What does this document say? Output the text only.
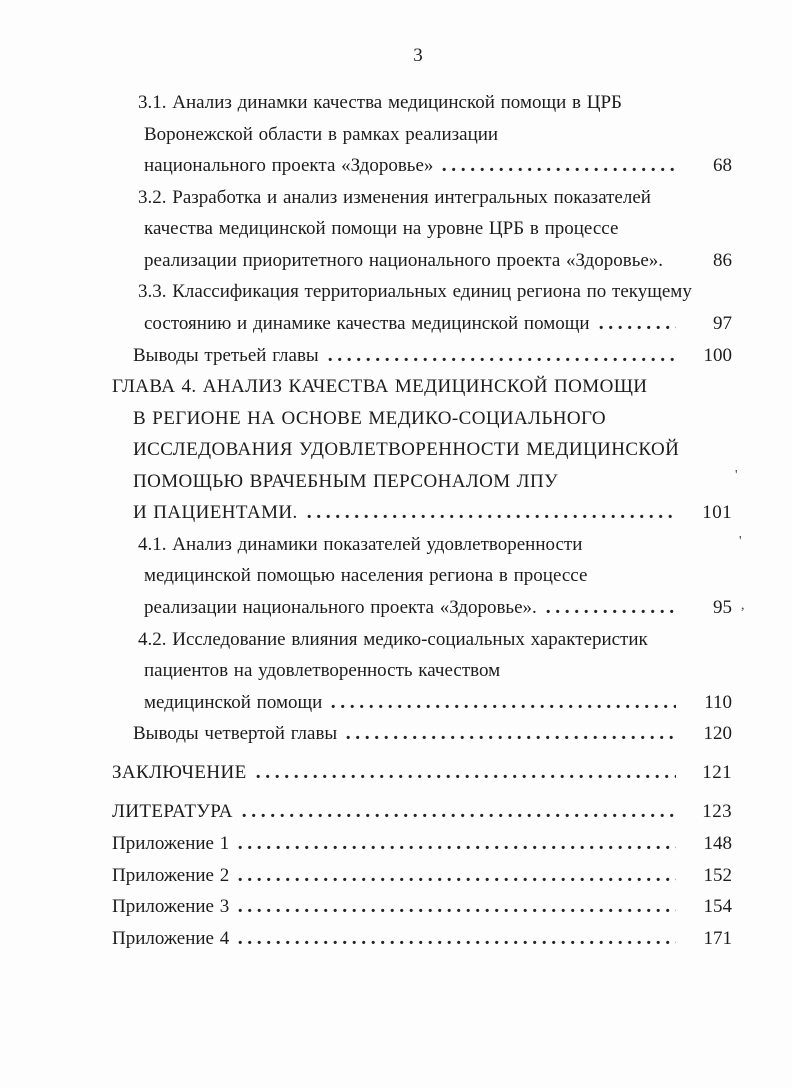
3
3.1. Анализ динамки качества медицинской помощи в ЦРБ
Воронежской области в рамках реализации
национального проекта «Здоровье»	68
3.2. Разработка и анализ изменения интегральных показателей
качества медицинской помощи на уровне ЦРБ в процессе
реализации приоритетного национального проекта «Здоровье».	86
3.3. Классификация территориальных единиц региона по текущему
состоянию и динамике качества медицинской помощи	97
Выводы третьей главы	100
ГЛАВА 4. АНАЛИЗ КАЧЕСТВА МЕДИЦИНСКОЙ ПОМОЩИ
В РЕГИОНЕ НА ОСНОВЕ МЕДИКО-СОЦИАЛЬНОГО
ИССЛЕДОВАНИЯ УДОВЛЕТВОРЕННОСТИ МЕДИЦИНСКОЙ
ПОМОЩЬЮ ВРАЧЕБНЫМ ПЕРСОНАЛОМ ЛПУ
И ПАЦИЕНТАМИ.	101
4.1. Анализ динамики показателей удовлетворенности
медицинской помощью населения региона в процессе
реализации национального проекта «Здоровье».	95
4.2. Исследование влияния медико-социальных характеристик
пациентов на удовлетворенность качеством
медицинской помощи	110
Выводы четвертой главы	120
ЗАКЛЮЧЕНИЕ	121
ЛИТЕРАТУРА	123
Приложение 1	148
Приложение 2	152
Приложение 3	154
Приложение 4	171
'
'
,
